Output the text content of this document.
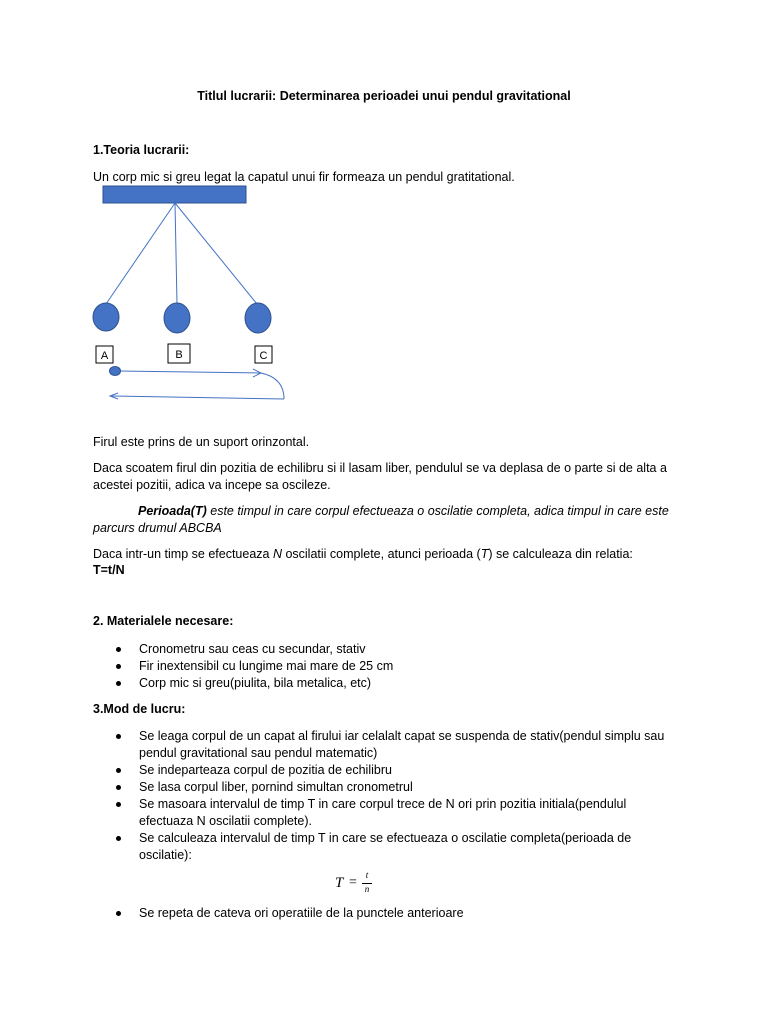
Titlul lucrarii: Determinarea perioadei unui pendul gravitational
1.Teoria lucrarii:
Un corp mic si greu legat la capatul unui fir formeaza un pendul gratitational.
A	B	C
Firul este prins de un suport orinzontal.
Daca scoatem firul din pozitia de echilibru si il lasam liber, pendulul se va deplasa de o parte si de alta a acestei pozitii, adica va incepe sa oscileze.
Perioada(T) este timpul in care corpul efectueaza o oscilatie completa, adica timpul in care este parcurs drumul ABCBA
Daca intr-un timp se efectueaza N oscilatii complete, atunci perioada (T) se calculeaza din relatia:
T=t/N
2. Materialele necesare:
Cronometru sau ceas cu secundar, stativ
Fir inextensibil cu lungime mai mare de 25 cm
Corp mic si greu(piulita, bila metalica, etc)
3.Mod de lucru:
Se leaga corpul de un capat al firului iar celalalt capat se suspenda de stativ(pendul simplu sau pendul gravitational sau pendul matematic)
Se indeparteaza corpul de pozitia de echilibru
Se lasa corpul liber, pornind simultan cronometrul
Se masoara intervalul de timp T in care corpul trece de N ori prin pozitia initiala(pendulul efectuaza N oscilatii complete).
Se calculeaza intervalul de timp T in care se efectueaza o oscilatie completa(perioada de oscilatie):
T = t
n
Se repeta de cateva ori operatiile de la punctele anterioare
